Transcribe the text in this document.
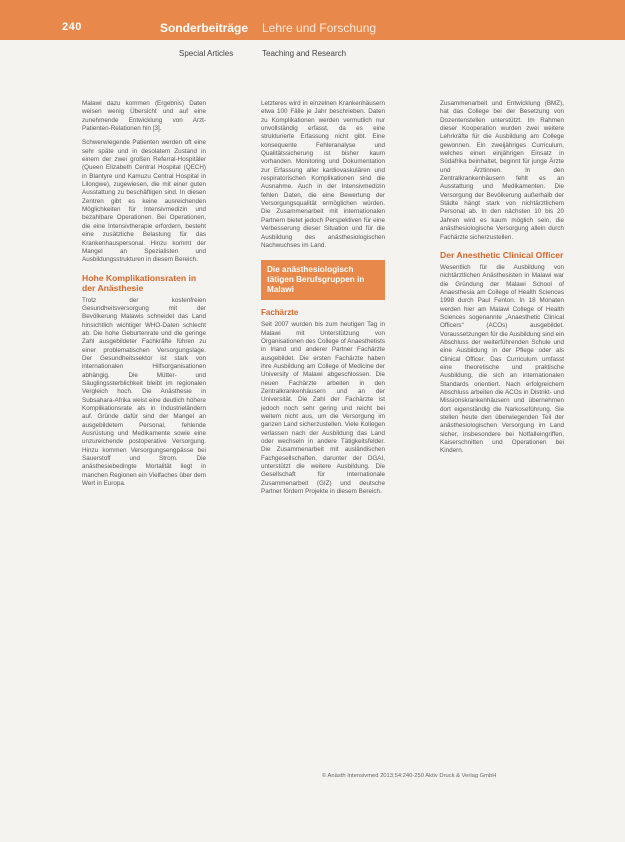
240	Sonderbeiträge Lehre und Forschung
Special Articles	Teaching and Research

Malawi dazu kommen (Ergebnis) Daten weisen wenig Übersicht und auf eine zunehmende Entwicklung von Arzt-Patienten-Relationen hin [3].

Schwerwiegende Patienten werden oft eine sehr späte und in desolatem Zustand in einem der zwei großen Referral-Hospitäler (Queen Elizabeth Central Hospital (QECH) in Blantyre und Kamuzu Central Hospital in Lilongwe), zugewiesen, die mit einer guten Ausstattung zu beschäftigen sind. In diesen Zentren gibt es keine ausreichenden Möglichkeiten für Intensivmedizin und bezahlbare Operationen. Bei Operationen, die eine Intensivtherapie erfordern, besteht eine zusätzliche Belastung für das Krankenhauspersonal. Hinzu kommt der Mangel an Spezialisten und Ausbildungsstrukturen in diesem Bereich.

Hohe Komplikationsraten in der Anästhesie

Trotz der kostenfreien Gesundheitsversorgung mit der Bevölkerung Malawis schneidet das Land hinsichtlich wichtiger WHO-Daten schlecht ab. Die hohe Geburtenrate und die geringe Zahl ausgebildeter Fachkräfte führen zu einer problematischen Versorgungslage. Der Gesundheitssektor ist stark von internationalen Hilfsorganisationen abhängig. Die Mütter- und Säuglingssterblichkeit bleibt im regionalen Vergleich hoch. Die Anästhesie in Subsahara-Afrika weist eine deutlich höhere Komplikationsrate als in Industrieländern auf. Gründe dafür sind der Mangel an ausgebildetem Personal, fehlende Ausrüstung und Medikamente sowie eine unzureichende postoperative Versorgung. Hinzu kommen Versorgungsengpässe bei Sauerstoff und Strom. Die anästhesiebedingte Mortalität liegt in manchen Regionen ein Vielfaches über dem Wert in Europa.

Letzteres wird in einzelnen Krankenhäusern etwa 100 Fälle je Jahr beschrieben. Daten zu Komplikationen werden vermutlich nur unvollständig erfasst, da es eine strukturierte Erfassung nicht gibt. Eine konsequente Fehleranalyse und Qualitätssicherung ist bisher kaum vorhanden. Monitoring und Dokumentation zur Erfassung aller kardiovaskulären und respiratorischen Komplikationen sind die Ausnahme. Auch in der Intensivmedizin fehlen Daten, die eine Bewertung der Versorgungsqualität ermöglichen würden. Die Zusammenarbeit mit internationalen Partnern bietet jedoch Perspektiven für eine Verbesserung dieser Situation und für die Ausbildung des anästhesiologischen Nachwuchses im Land.

Die anästhesiologisch tätigen Berufsgruppen in Malawi
Fachärzte

Seit 2007 wurden bis zum heutigen Tag in Malawi mit Unterstützung von Organisationen des College of Anaesthetists in Irland und anderer Partner Fachärzte ausgebildet. Die ersten Fachärzte haben ihre Ausbildung am College of Medicine der University of Malawi abgeschlossen. Die neuen Fachärzte arbeiten in den Zentralkrankenhäusern und an der Universität. Die Zahl der Fachärzte ist jedoch noch sehr gering und reicht bei weitem nicht aus, um die Versorgung im ganzen Land sicherzustellen. Viele Kollegen verlassen nach der Ausbildung das Land oder wechseln in andere Tätigkeitsfelder. Die Zusammenarbeit mit ausländischen Fachgesellschaften, darunter der DGAI, unterstützt die weitere Ausbildung. Die Gesellschaft für Internationale Zusammenarbeit (GIZ) und deutsche Partner fördern Projekte in diesem Bereich.

Zusammenarbeit und Entwicklung (BMZ), hat das College bei der Besetzung von Dozentenstellen unterstützt. Im Rahmen dieser Kooperation wurden zwei weitere Lehrkräfte für die Ausbildung am College gewonnen. Ein zweijähriges Curriculum, welches einen einjährigen Einsatz in Südafrika beinhaltet, beginnt für junge Ärzte und Ärztinnen. In den Zentralkrankenhäusern fehlt es an Ausstattung und Medikamenten. Die Versorgung der Bevölkerung außerhalb der Städte hängt stark von nichtärztlichem Personal ab. In den nächsten 10 bis 20 Jahren wird es kaum möglich sein, die anästhesiologische Versorgung allein durch Fachärzte sicherzustellen.

Der Anesthetic Clinical Officer

Wesentlich für die Ausbildung von nichtärztlichen Anästhesisten in Malawi war die Gründung der Malawi School of Anaesthesia am College of Health Sciences 1998 durch Paul Fenton. In 18 Monaten werden hier am Malawi College of Health Sciences sogenannte „Anaesthetic Clinical Officers“ (ACOs) ausgebildet. Voraussetzungen für die Ausbildung sind ein Abschluss der weiterführenden Schule und eine Ausbildung in der Pflege oder als Clinical Officer. Das Curriculum umfasst eine theoretische und praktische Ausbildung, die sich an internationalen Standards orientiert. Nach erfolgreichem Abschluss arbeiten die ACOs in Distrikt- und Missionskrankenhäusern und übernehmen dort eigenständig die Narkoseführung. Sie stellen heute den überwiegenden Teil der anästhesiologischen Versorgung im Land sicher, insbesondere bei Notfalleingriffen, Kaiserschnitten und Operationen bei Kindern.

© Anästh Intensivmed 2013;54:240-250 Aktiv Druck & Verlag GmbH
